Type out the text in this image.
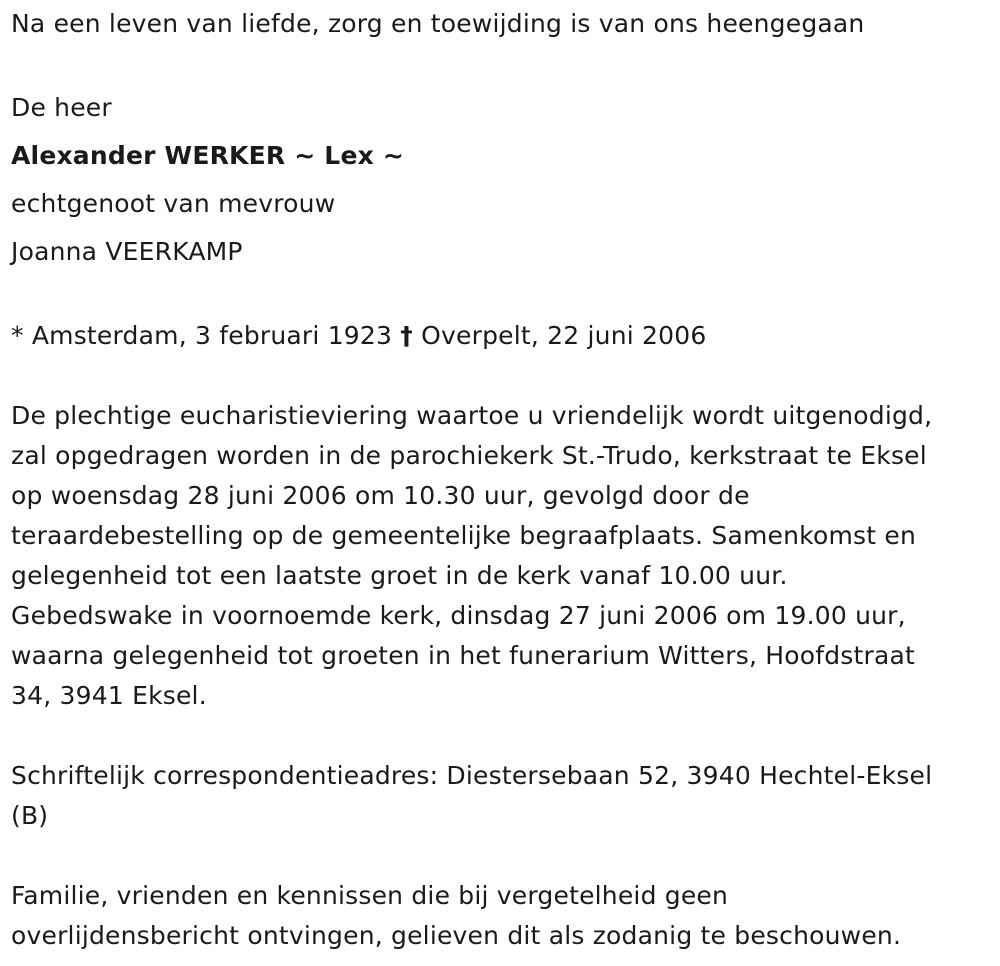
Na een leven van liefde, zorg en toewijding is van ons heengegaan
De heer
Alexander WERKER ~ Lex ~
echtgenoot van mevrouw
Joanna VEERKAMP
* Amsterdam, 3 februari 1923 † Overpelt, 22 juni 2006
De plechtige eucharistieviering waartoe u vriendelijk wordt uitgenodigd,
zal opgedragen worden in de parochiekerk St.-Trudo, kerkstraat te Eksel
op woensdag 28 juni 2006 om 10.30 uur, gevolgd door de
teraardebestelling op de gemeentelijke begraafplaats. Samenkomst en
gelegenheid tot een laatste groet in de kerk vanaf 10.00 uur.
Gebedswake in voornoemde kerk, dinsdag 27 juni 2006 om 19.00 uur,
waarna gelegenheid tot groeten in het funerarium Witters, Hoofdstraat
34, 3941 Eksel.
Schriftelijk correspondentieadres: Diestersebaan 52, 3940 Hechtel-Eksel
(B)
Familie, vrienden en kennissen die bij vergetelheid geen
overlijdensbericht ontvingen, gelieven dit als zodanig te beschouwen.
